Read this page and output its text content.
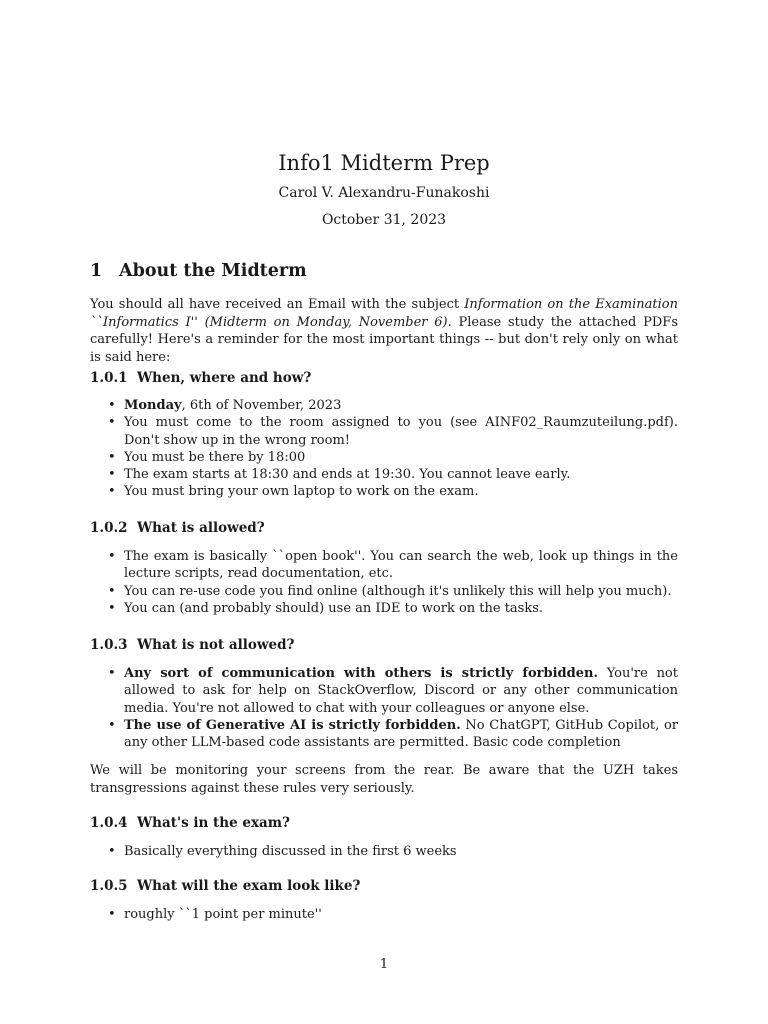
Info1 Midterm Prep
Carol V. Alexandru-Funakoshi
October 31, 2023
1 About the Midterm
You should all have received an Email with the subject Information on the Examination ``Informatics I'' (Midterm on Monday, November 6). Please study the attached PDFs carefully! Here's a reminder for the most important things -- but don't rely only on what is said here:
1.0.1 When, where and how?
• Monday, 6th of November, 2023
• You must come to the room assigned to you (see AINF02_Raumzuteilung.pdf). Don't show up in the wrong room!
• You must be there by 18:00
• The exam starts at 18:30 and ends at 19:30. You cannot leave early.
• You must bring your own laptop to work on the exam.
1.0.2 What is allowed?
• The exam is basically ``open book''. You can search the web, look up things in the lecture scripts, read documentation, etc.
• You can re-use code you find online (although it's unlikely this will help you much).
• You can (and probably should) use an IDE to work on the tasks.
1.0.3 What is not allowed?
• Any sort of communication with others is strictly forbidden. You're not allowed to ask for help on StackOverflow, Discord or any other communication media. You're not allowed to chat with your colleagues or anyone else.
• The use of Generative AI is strictly forbidden. No ChatGPT, GitHub Copilot, or any other LLM-based code assistants are permitted. Basic code completion
We will be monitoring your screens from the rear. Be aware that the UZH takes transgressions against these rules very seriously.
1.0.4 What's in the exam?
• Basically everything discussed in the first 6 weeks
1.0.5 What will the exam look like?
• roughly ``1 point per minute''
1
